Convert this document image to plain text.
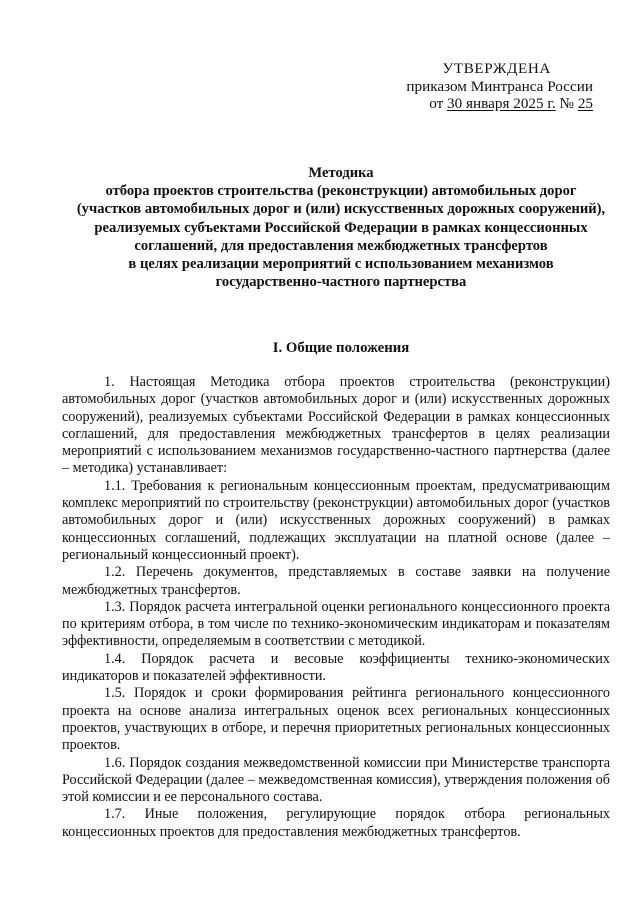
УТВЕРЖДЕНА
приказом Минтранса России
от 30 января 2025 г. № 25
Методика
отбора проектов строительства (реконструкции) автомобильных дорог
(участков автомобильных дорог и (или) искусственных дорожных сооружений),
реализуемых субъектами Российской Федерации в рамках концессионных
соглашений, для предоставления межбюджетных трансфертов
в целях реализации мероприятий с использованием механизмов
государственно-частного партнерства
I. Общие положения

1. Настоящая Методика отбора проектов строительства (реконструкции) автомобильных дорог (участков автомобильных дорог и (или) искусственных дорожных сооружений), реализуемых субъектами Российской Федерации в рамках концессионных соглашений, для предоставления межбюджетных трансфертов в целях реализации мероприятий с использованием механизмов государственно-частного партнерства (далее – методика) устанавливает:

1.1. Требования к региональным концессионным проектам, предусматривающим комплекс мероприятий по строительству (реконструкции) автомобильных дорог (участков автомобильных дорог и (или) искусственных дорожных сооружений) в рамках концессионных соглашений, подлежащих эксплуатации на платной основе (далее – региональный концессионный проект).

1.2. Перечень документов, представляемых в составе заявки на получение межбюджетных трансфертов.

1.3. Порядок расчета интегральной оценки регионального концессионного проекта по критериям отбора, в том числе по технико-экономическим индикаторам и показателям эффективности, определяемым в соответствии с методикой.

1.4. Порядок расчета и весовые коэффициенты технико-экономических индикаторов и показателей эффективности.

1.5. Порядок и сроки формирования рейтинга регионального концессионного проекта на основе анализа интегральных оценок всех региональных концессионных проектов, участвующих в отборе, и перечня приоритетных региональных концессионных проектов.

1.6. Порядок создания межведомственной комиссии при Министерстве транспорта Российской Федерации (далее – межведомственная комиссия), утверждения положения об этой комиссии и ее персонального состава.

1.7. Иные положения, регулирующие порядок отбора региональных концессионных проектов для предоставления межбюджетных трансфертов.
